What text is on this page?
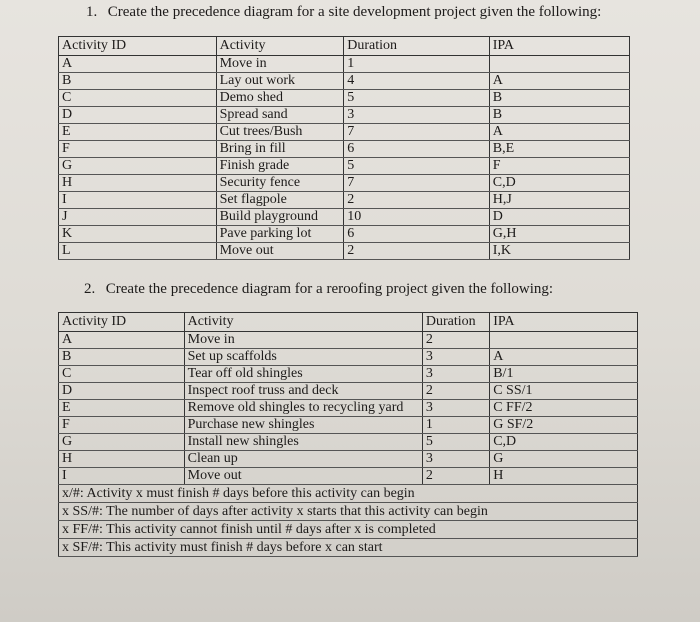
1. Create the precedence diagram for a site development project given the following:
Activity ID	Activity	Duration	IPA
A	Move in	1	
B	Lay out work	4	A
C	Demo shed	5	B
D	Spread sand	3	B
E	Cut trees/Bush	7	A
F	Bring in fill	6	B,E
G	Finish grade	5	F
H	Security fence	7	C,D
I	Set flagpole	2	H,J
J	Build playground	10	D
K	Pave parking lot	6	G,H
L	Move out	2	I,K
2. Create the precedence diagram for a reroofing project given the following:
Activity ID	Activity	Duration	IPA
A	Move in	2	
B	Set up scaffolds	3	A
C	Tear off old shingles	3	B/1
D	Inspect roof truss and deck	2	C SS/1
E	Remove old shingles to recycling yard	3	C FF/2
F	Purchase new shingles	1	G SF/2
G	Install new shingles	5	C,D
H	Clean up	3	G
I	Move out	2	H
x/#: Activity x must finish # days before this activity can begin			
x SS/#: The number of days after activity x starts that this activity can begin			
x FF/#: This activity cannot finish until # days after x is completed			
x SF/#: This activity must finish # days before x can start			
